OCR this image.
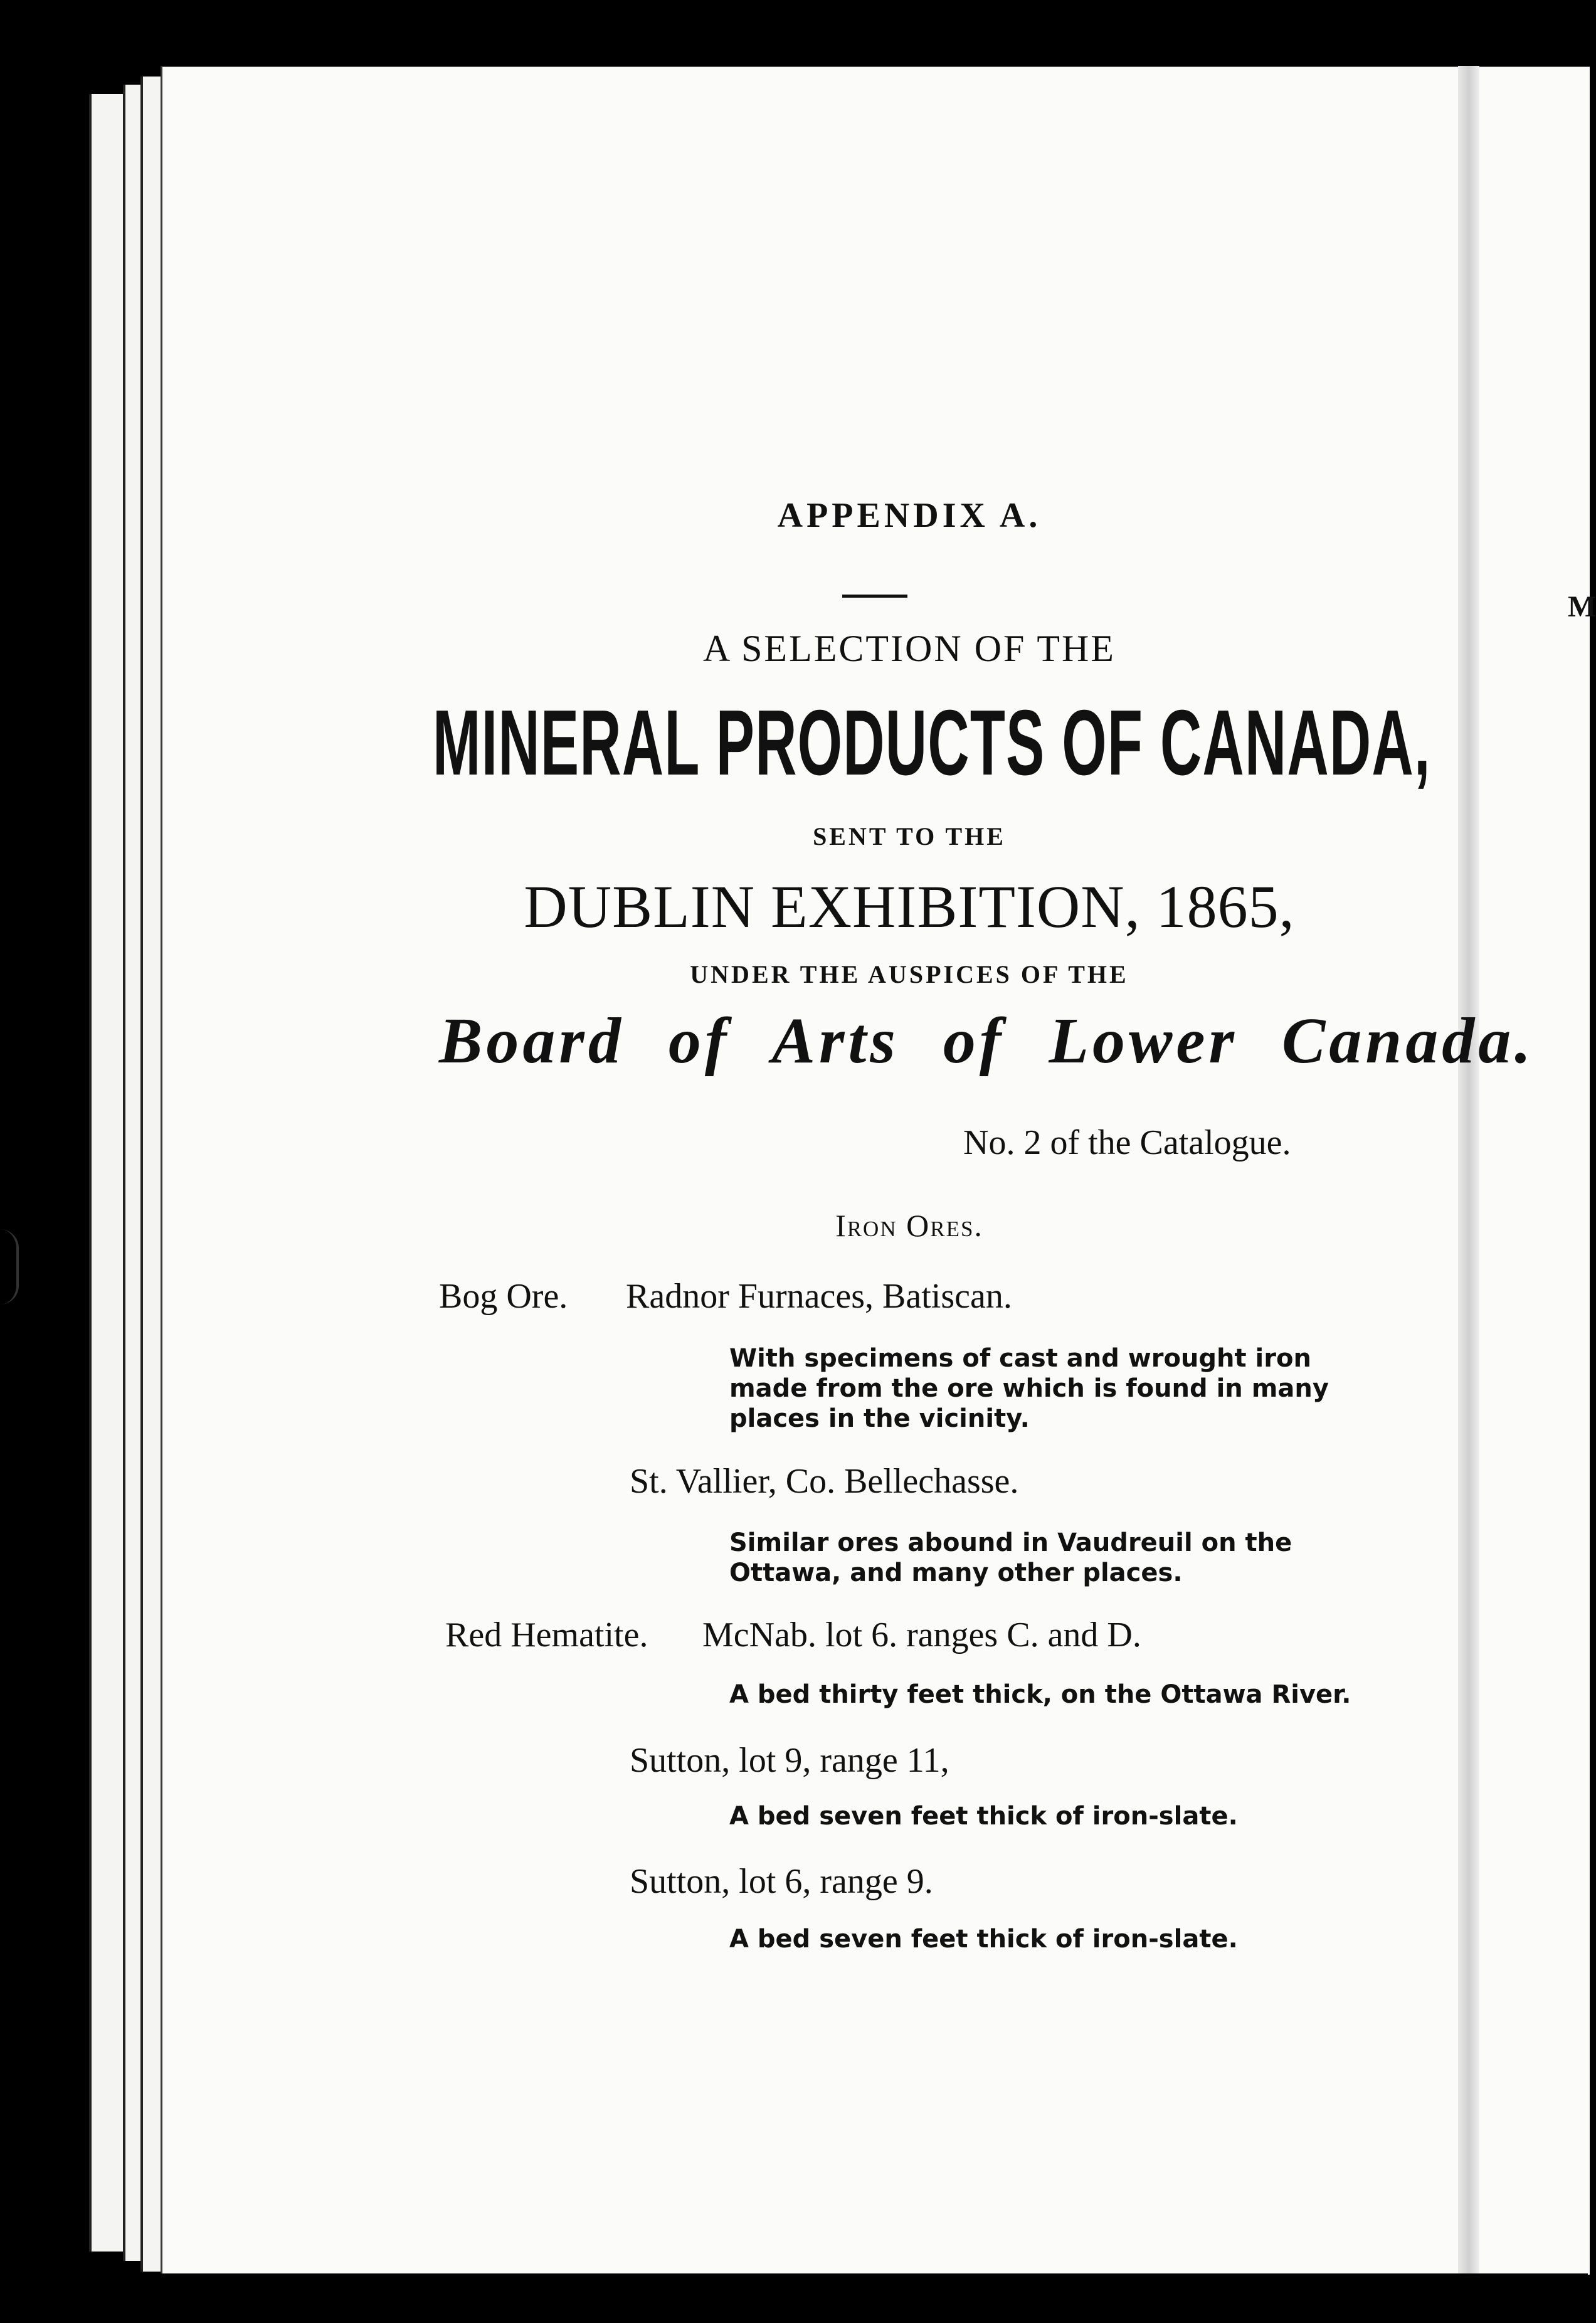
M
APPENDIX A.
A SELECTION OF THE
MINERAL PRODUCTS OF CANADA,
SENT TO THE
DUBLIN EXHIBITION, 1865,
UNDER THE AUSPICES OF THE
Board of Arts of Lower Canada.
No. 2 of the Catalogue.
Iron Ores.
Bog Ore. Radnor Furnaces, Batiscan.
With specimens of cast and wrought iron made from the ore which is found in many places in the vicinity.
St. Vallier, Co. Bellechasse.
Similar ores abound in Vaudreuil on the Ottawa, and many other places.
Red Hematite. McNab. lot 6. ranges C. and D.
A bed thirty feet thick, on the Ottawa River.
Sutton, lot 9, range 11,
A bed seven feet thick of iron-slate.
Sutton, lot 6, range 9.
A bed seven feet thick of iron-slate.
